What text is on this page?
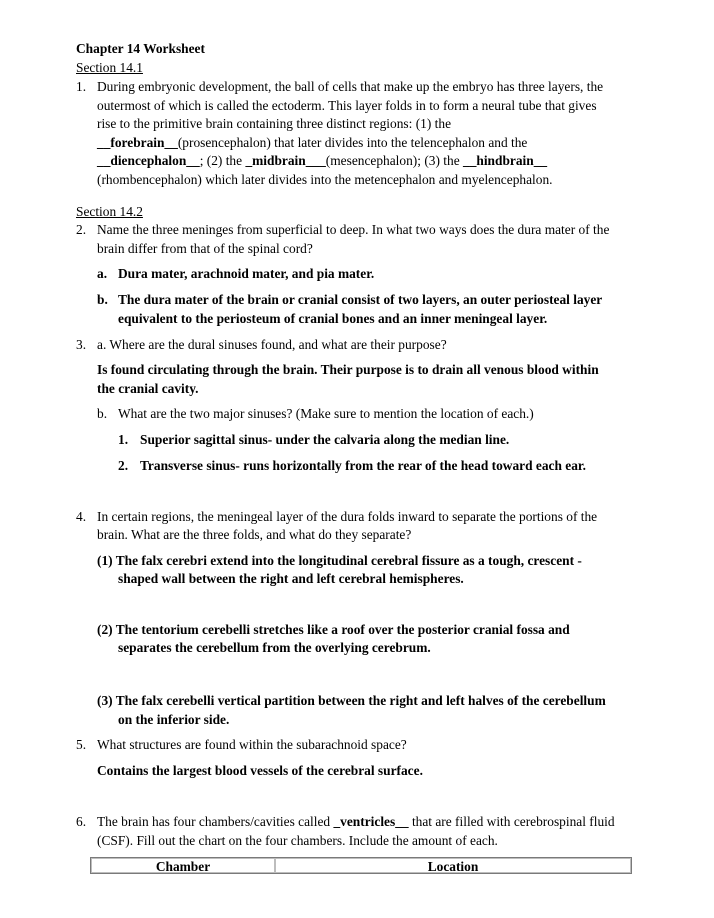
Chapter 14 Worksheet
Section 14.1
1. During embryonic development, the ball of cells that make up the embryo has three layers, the
outermost of which is called the ectoderm. This layer folds in to form a neural tube that gives
rise to the primitive brain containing three distinct regions: (1) the
__forebrain__(prosencephalon) that later divides into the telencephalon and the
__diencephalon__; (2) the _midbrain___(mesencephalon); (3) the __hindbrain__
(rhombencephalon) which later divides into the metencephalon and myelencephalon.
Section 14.2
2. Name the three meninges from superficial to deep. In what two ways does the dura mater of the
brain differ from that of the spinal cord?
a. Dura mater, arachnoid mater, and pia mater.
b. The dura mater of the brain or cranial consist of two layers, an outer periosteal layer
equivalent to the periosteum of cranial bones and an inner meningeal layer.
3. a. Where are the dural sinuses found, and what are their purpose?
Is found circulating through the brain. Their purpose is to drain all venous blood within
the cranial cavity.
b. What are the two major sinuses? (Make sure to mention the location of each.)
1. Superior sagittal sinus- under the calvaria along the median line.
2. Transverse sinus- runs horizontally from the rear of the head toward each ear.
4. In certain regions, the meningeal layer of the dura folds inward to separate the portions of the
brain. What are the three folds, and what do they separate?
(1) The falx cerebri extend into the longitudinal cerebral fissure as a tough, crescent -
shaped wall between the right and left cerebral hemispheres.
(2) The tentorium cerebelli stretches like a roof over the posterior cranial fossa and
separates the cerebellum from the overlying cerebrum.
(3) The falx cerebelli vertical partition between the right and left halves of the cerebellum
on the inferior side.
5. What structures are found within the subarachnoid space?
Contains the largest blood vessels of the cerebral surface.
6. The brain has four chambers/cavities called _ventricles__ that are filled with cerebrospinal fluid
(CSF). Fill out the chart on the four chambers. Include the amount of each.
Chamber	Location
